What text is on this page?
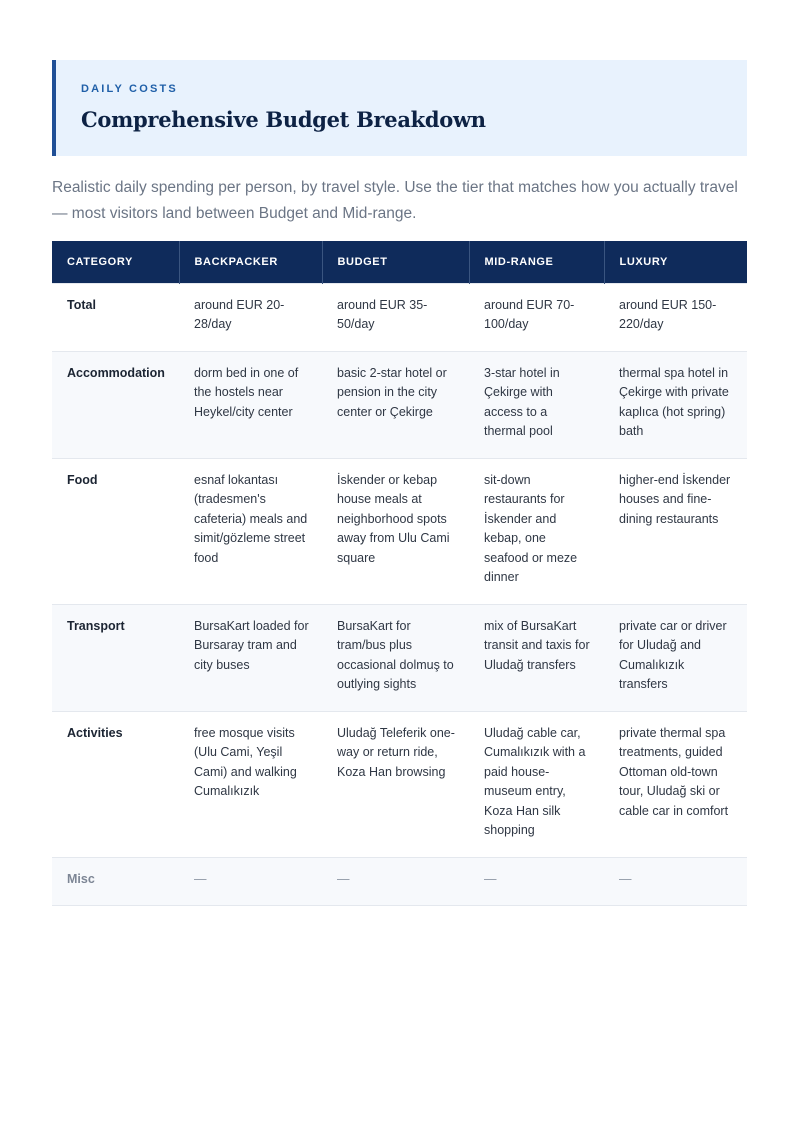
DAILY COSTS
Comprehensive Budget Breakdown
Realistic daily spending per person, by travel style. Use the tier that matches how you actually travel — most visitors land between Budget and Mid-range.
CATEGORY	BACKPACKER	BUDGET	MID-RANGE	LUXURY
Total	around EUR 20-28/day	around EUR 35-50/day	around EUR 70-100/day	around EUR 150-220/day
Accommodation	dorm bed in one of the hostels near Heykel/city center	basic 2-star hotel or pension in the city center or Çekirge	3-star hotel in Çekirge with access to a thermal pool	thermal spa hotel in Çekirge with private kaplıca (hot spring) bath
Food	esnaf lokantası (tradesmen's cafeteria) meals and simit/gözleme street food	İskender or kebap house meals at neighborhood spots away from Ulu Cami square	sit-down restaurants for İskender and kebap, one seafood or meze dinner	higher-end İskender houses and fine-dining restaurants
Transport	BursaKart loaded for Bursaray tram and city buses	BursaKart for tram/bus plus occasional dolmuş to outlying sights	mix of BursaKart transit and taxis for Uludağ transfers	private car or driver for Uludağ and Cumalıkızık transfers
Activities	free mosque visits (Ulu Cami, Yeşil Cami) and walking Cumalıkızık	Uludağ Teleferik one-way or return ride, Koza Han browsing	Uludağ cable car, Cumalıkızık with a paid house-museum entry, Koza Han silk shopping	private thermal spa treatments, guided Ottoman old-town tour, Uludağ ski or cable car in comfort
Misc	—	—	—	—
